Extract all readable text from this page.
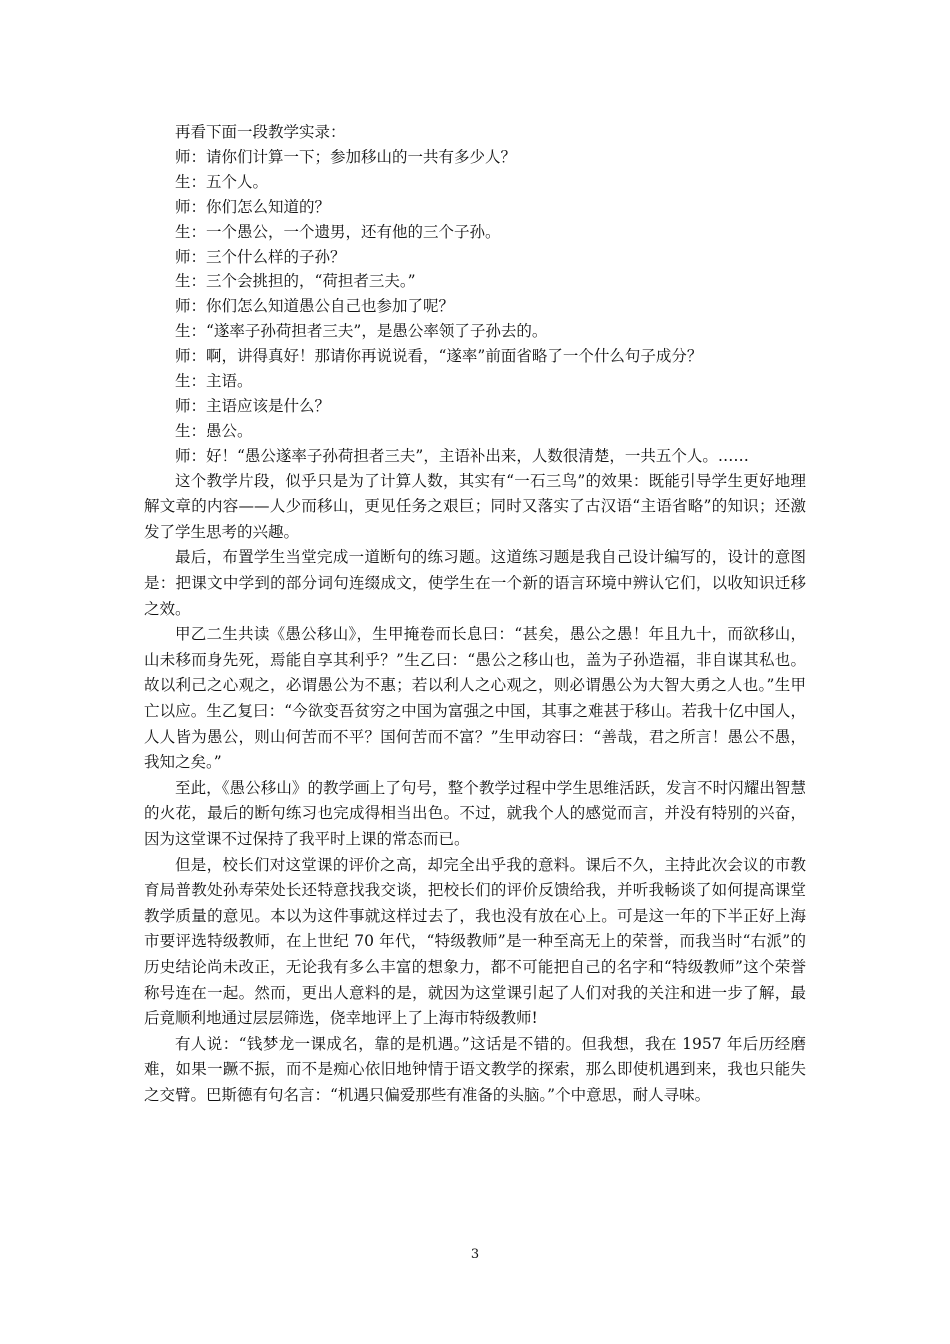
再看下面一段教学实录：

师：请你们计算一下；参加移山的一共有多少人？

生：五个人。

师：你们怎么知道的？

生：一个愚公，一个遗男，还有他的三个子孙。

师：三个什么样的子孙？

生：三个会挑担的，“荷担者三夫。”

师：你们怎么知道愚公自己也参加了呢？

生：“遂率子孙荷担者三夫”，是愚公率领了子孙去的。

师：啊，讲得真好！那请你再说说看，“遂率”前面省略了一个什么句子成分？

生：主语。

师：主语应该是什么？

生：愚公。

师：好！“愚公遂率子孙荷担者三夫”，主语补出来，人数很清楚，一共五个人。……

这个教学片段，似乎只是为了计算人数，其实有“一石三鸟”的效果：既能引导学生更好地理解文章的内容——人少而移山，更见任务之艰巨；同时又落实了古汉语“主语省略”的知识；还激发了学生思考的兴趣。

最后，布置学生当堂完成一道断句的练习题。这道练习题是我自己设计编写的，设计的意图是：把课文中学到的部分词句连缀成文，使学生在一个新的语言环境中辨认它们，以收知识迁移之效。

甲乙二生共读《愚公移山》，生甲掩卷而长息曰：“甚矣，愚公之愚！年且九十，而欲移山，山未移而身先死，焉能自享其利乎？”生乙曰：“愚公之移山也，盖为子孙造福，非自谋其私也。故以利己之心观之，必谓愚公为不惠；若以利人之心观之，则必谓愚公为大智大勇之人也。”生甲亡以应。生乙复曰：“今欲变吾贫穷之中国为富强之中国，其事之难甚于移山。若我十亿中国人，人人皆为愚公，则山何苦而不平？国何苦而不富？”生甲动容曰：“善哉，君之所言！愚公不愚，我知之矣。”

至此，《愚公移山》的教学画上了句号，整个教学过程中学生思维活跃，发言不时闪耀出智慧的火花，最后的断句练习也完成得相当出色。不过，就我个人的感觉而言，并没有特别的兴奋，因为这堂课不过保持了我平时上课的常态而已。

但是，校长们对这堂课的评价之高，却完全出乎我的意料。课后不久，主持此次会议的市教育局普教处孙寿荣处长还特意找我交谈，把校长们的评价反馈给我，并听我畅谈了如何提高课堂教学质量的意见。本以为这件事就这样过去了，我也没有放在心上。可是这一年的下半正好上海市要评选特级教师，在上世纪 70 年代，“特级教师”是一种至高无上的荣誉，而我当时“右派”的历史结论尚未改正，无论我有多么丰富的想象力，都不可能把自己的名字和“特级教师”这个荣誉称号连在一起。然而，更出人意料的是，就因为这堂课引起了人们对我的关注和进一步了解，最后竟顺利地通过层层筛选，侥幸地评上了上海市特级教师!

有人说：“钱梦龙一课成名，靠的是机遇。”这话是不错的。但我想，我在 1957 年后历经磨难，如果一蹶不振，而不是痴心依旧地钟情于语文教学的探索，那么即使机遇到来，我也只能失之交臂。巴斯德有句名言：“机遇只偏爱那些有准备的头脑。”个中意思，耐人寻味。

3
